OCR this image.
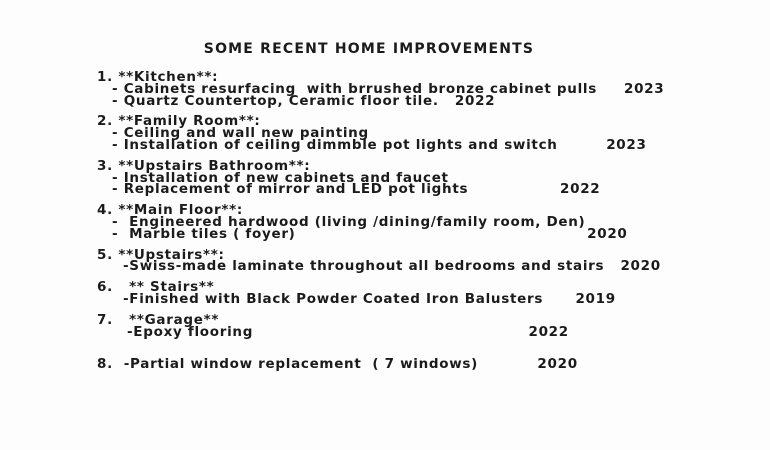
SOME RECENT HOME IMPROVEMENTS
1. **Kitchen**:
- Cabinets resurfacing  with brrushed bronze cabinet pulls     2023
- Quartz Countertop, Ceramic floor tile.   2022
2. **Family Room**:
- Ceiling and wall new painting
- Installation of ceiling dimmble pot lights and switch         2023
3. **Upstairs Bathroom**:
- Installation of new cabinets and faucet
- Replacement of mirror and LED pot lights                 2022
4. **Main Floor**:
-  Engineered hardwood (living /dining/family room, Den)
-  Marble tiles ( foyer)                                                      2020
5. **Upstairs**:
-Swiss-made laminate throughout all bedrooms and stairs   2020
6.   ** Stairs**
-Finished with Black Powder Coated Iron Balusters      2019
7.   **Garage**
-Epoxy flooring                                                   2022
8.  -Partial window replacement  ( 7 windows)           2020
